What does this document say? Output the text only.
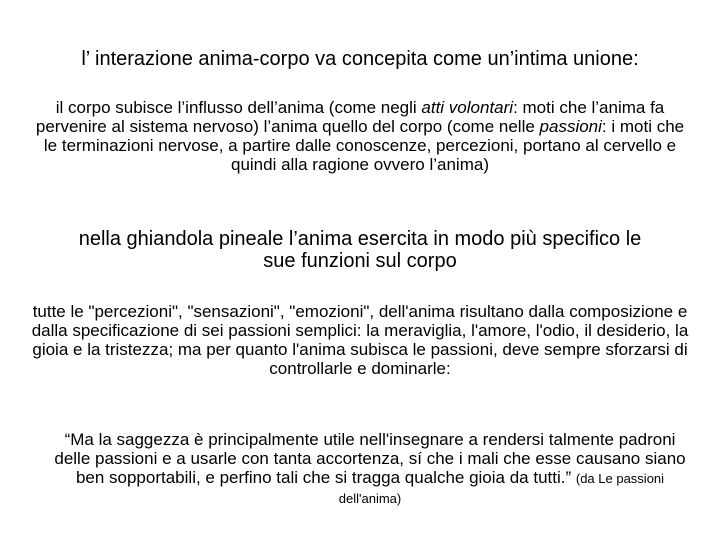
l’ interazione anima-corpo va concepita come un’intima unione:

il corpo subisce l’influsso dell’anima (come negli atti volontari: moti che l’anima fa pervenire al sistema nervoso) l’anima quello del corpo (come nelle passioni: i moti che le terminazioni nervose, a partire dalle conoscenze, percezioni, portano al cervello e quindi alla ragione ovvero l’anima)

nella ghiandola pineale l’anima esercita in modo più specifico le sue funzioni sul corpo

tutte le "percezioni", "sensazioni", "emozioni", dell'anima risultano dalla composizione e dalla specificazione di sei passioni semplici: la meraviglia, l'amore, l'odio, il desiderio, la gioia e la tristezza; ma per quanto l'anima subisca le passioni, deve sempre sforzarsi di controllarle e dominarle:

“Ma la saggezza è principalmente utile nell'insegnare a rendersi talmente padroni delle passioni e a usarle con tanta accortenza, sí che i mali che esse causano siano ben sopportabili, e perfino tali che si tragga qualche gioia da tutti.” (da Le passioni dell'anima)
